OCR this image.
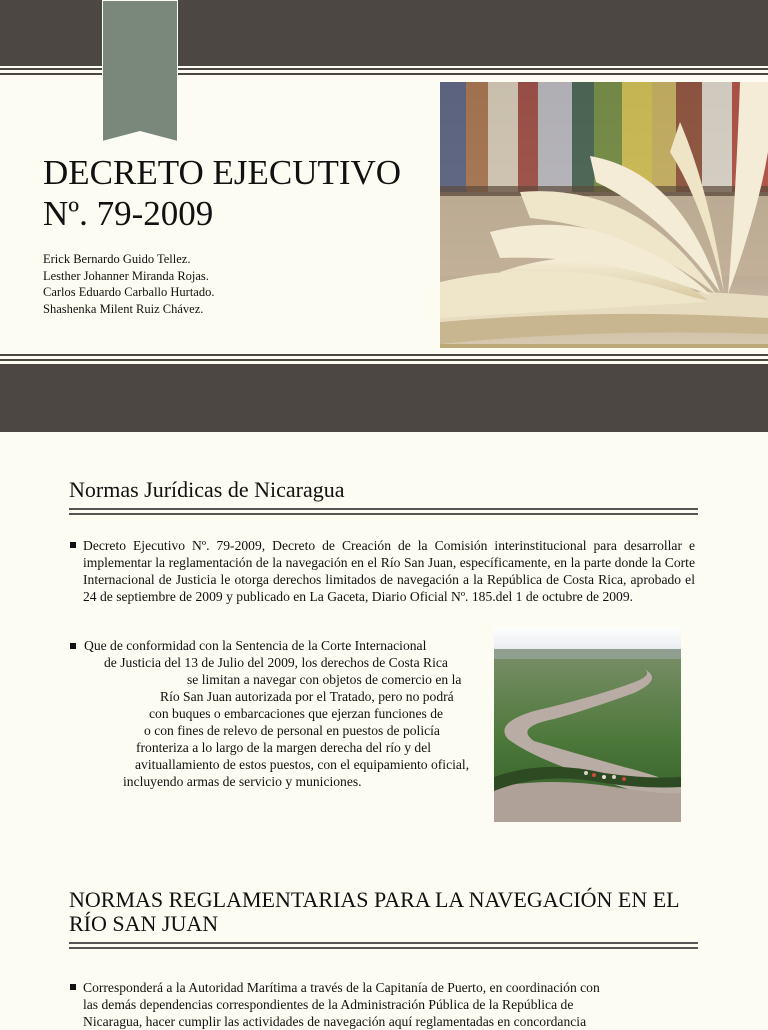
DECRETO EJECUTIVO
Nº. 79-2009
Erick Bernardo Guido Tellez.
Lesther Johanner Miranda Rojas.
Carlos Eduardo Carballo Hurtado.
Shashenka Milent Ruiz Chávez.
Normas Jurídicas de Nicaragua
Decreto Ejecutivo Nº. 79-2009, Decreto de Creación de la Comisión interinstitucional para desarrollar e implementar la reglamentación de la navegación en el Río San Juan, específicamente, en la parte donde la Corte Internacional de Justicia le otorga derechos limitados de navegación a la República de Costa Rica, aprobado el 24 de septiembre de 2009 y publicado en La Gaceta, Diario Oficial Nº. 185.del 1 de octubre de 2009.
Que de conformidad con la Sentencia de la Corte Internacional
de Justicia del 13 de Julio del 2009, los derechos de Costa Rica
se limitan a navegar con objetos de comercio en la
Río San Juan autorizada por el Tratado, pero no podrá
con buques o embarcaciones que ejerzan funciones de
o con fines de relevo de personal en puestos de policía
fronteriza a lo largo de la margen derecha del río y del
avituallamiento de estos puestos, con el equipamiento oficial,
incluyendo armas de servicio y municiones.
NORMAS REGLAMENTARIAS PARA LA NAVEGACIÓN EN EL
RÍO SAN JUAN
Corresponderá a la Autoridad Marítima a través de la Capitanía de Puerto, en coordinación con
las demás dependencias correspondientes de la Administración Pública de la República de
Nicaragua, hacer cumplir las actividades de navegación aquí reglamentadas en concordancia
